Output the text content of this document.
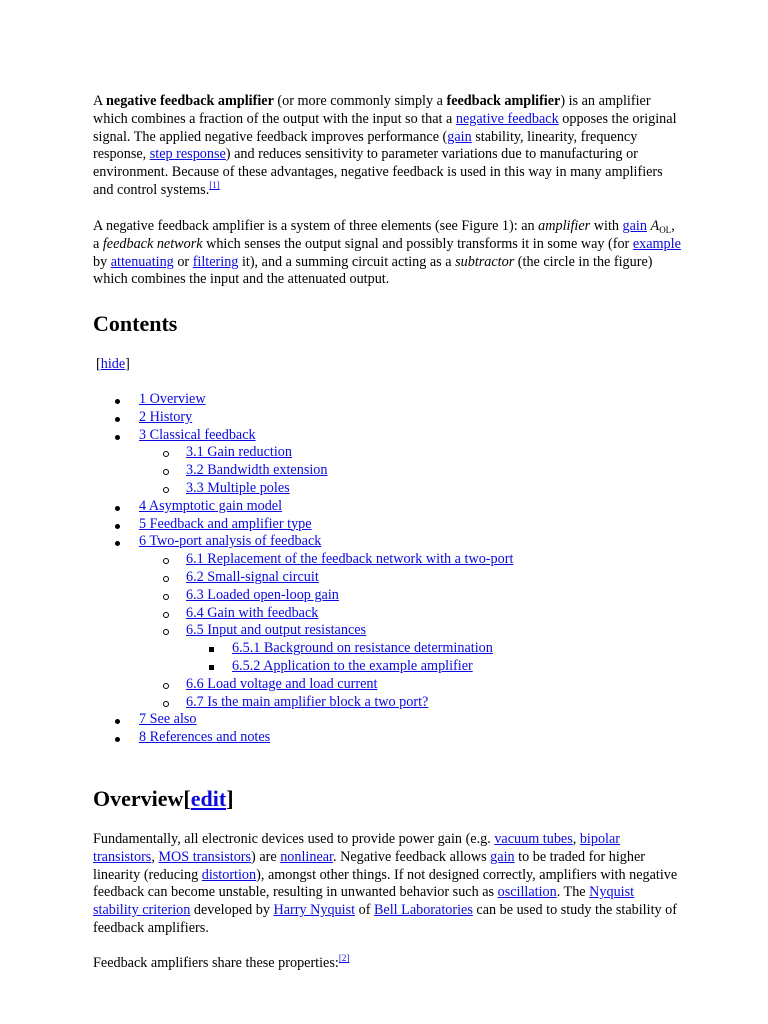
A negative feedback amplifier (or more commonly simply a feedback amplifier) is an amplifier which combines a fraction of the output with the input so that a negative feedback opposes the original signal. The applied negative feedback improves performance (gain stability, linearity, frequency response, step response) and reduces sensitivity to parameter variations due to manufacturing or environment. Because of these advantages, negative feedback is used in this way in many amplifiers and control systems.[1]

A negative feedback amplifier is a system of three elements (see Figure 1): an amplifier with gain $A_{OL}$, a feedback network which senses the output signal and possibly transforms it in some way (for example by attenuating or filtering it), and a summing circuit acting as a subtractor (the circle in the figure) which combines the input and the attenuated output.

Contents
[hide]
1 Overview
2 History
3 Classical feedback
3.1 Gain reduction
3.2 Bandwidth extension
3.3 Multiple poles
4 Asymptotic gain model
5 Feedback and amplifier type
6 Two-port analysis of feedback
6.1 Replacement of the feedback network with a two-port
6.2 Small-signal circuit
6.3 Loaded open-loop gain
6.4 Gain with feedback
6.5 Input and output resistances
6.5.1 Background on resistance determination
6.5.2 Application to the example amplifier
6.6 Load voltage and load current
6.7 Is the main amplifier block a two port?
7 See also
8 References and notes
Overview[edit]

Fundamentally, all electronic devices used to provide power gain (e.g. vacuum tubes, bipolar transistors, MOS transistors) are nonlinear. Negative feedback allows gain to be traded for higher linearity (reducing distortion), amongst other things. If not designed correctly, amplifiers with negative feedback can become unstable, resulting in unwanted behavior such as oscillation. The Nyquist stability criterion developed by Harry Nyquist of Bell Laboratories can be used to study the stability of feedback amplifiers.

Feedback amplifiers share these properties:[2]
